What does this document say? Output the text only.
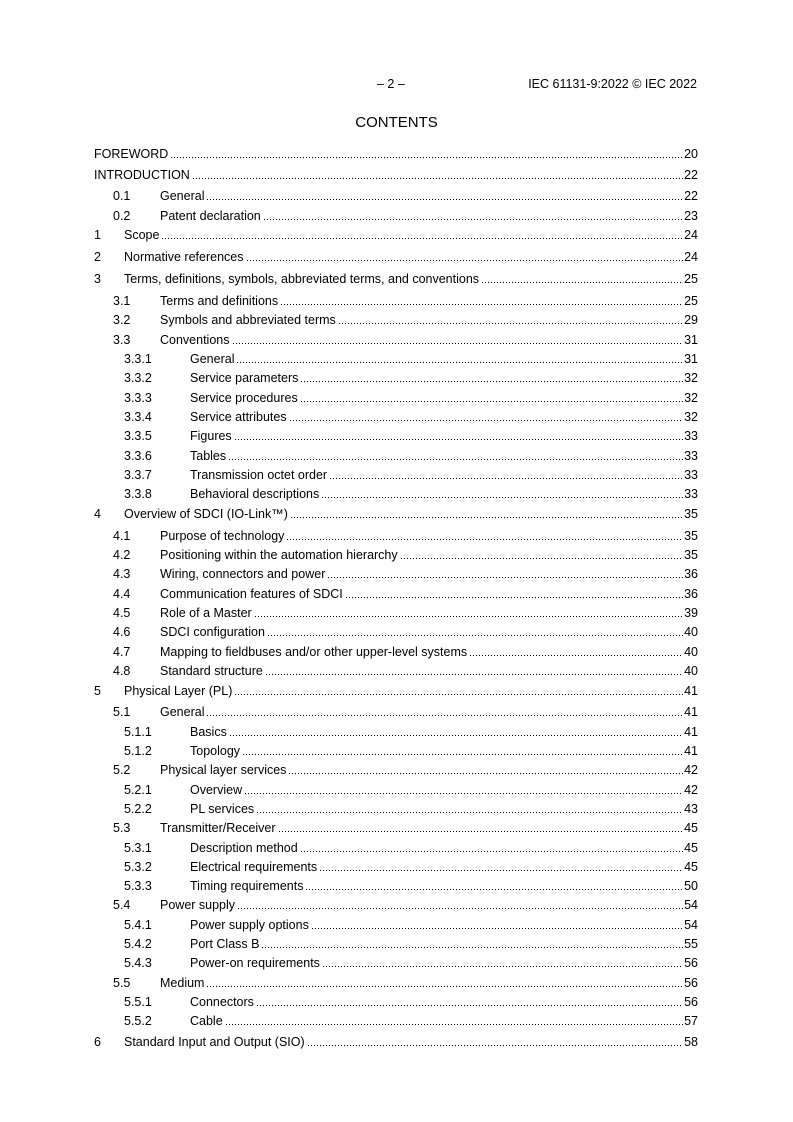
– 2 –	IEC 61131-9:2022 © IEC 2022
CONTENTS
FOREWORD	20
INTRODUCTION	22
0.1	General	22
0.2	Patent declaration	23
1	Scope	24
2	Normative references	24
3	Terms, definitions, symbols, abbreviated terms, and conventions	25
3.1	Terms and definitions	25
3.2	Symbols and abbreviated terms	29
3.3	Conventions	31
3.3.1	General	31
3.3.2	Service parameters	32
3.3.3	Service procedures	32
3.3.4	Service attributes	32
3.3.5	Figures	33
3.3.6	Tables	33
3.3.7	Transmission octet order	33
3.3.8	Behavioral descriptions	33
4	Overview of SDCI (IO-Link™)	35
4.1	Purpose of technology	35
4.2	Positioning within the automation hierarchy	35
4.3	Wiring, connectors and power	36
4.4	Communication features of SDCI	36
4.5	Role of a Master	39
4.6	SDCI configuration	40
4.7	Mapping to fieldbuses and/or other upper-level systems	40
4.8	Standard structure	40
5	Physical Layer (PL)	41
5.1	General	41
5.1.1	Basics	41
5.1.2	Topology	41
5.2	Physical layer services	42
5.2.1	Overview	42
5.2.2	PL services	43
5.3	Transmitter/Receiver	45
5.3.1	Description method	45
5.3.2	Electrical requirements	45
5.3.3	Timing requirements	50
5.4	Power supply	54
5.4.1	Power supply options	54
5.4.2	Port Class B	55
5.4.3	Power-on requirements	56
5.5	Medium	56
5.5.1	Connectors	56
5.5.2	Cable	57
6	Standard Input and Output (SIO)	58
